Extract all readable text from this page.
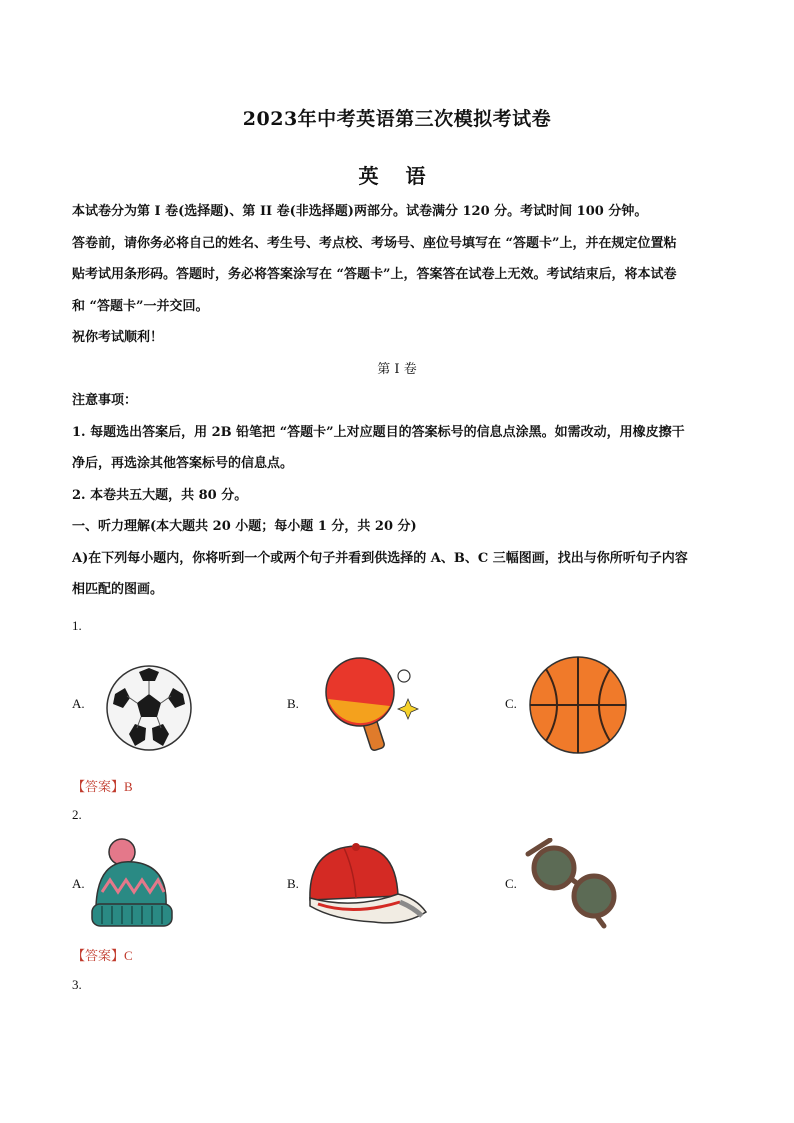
2023年中考英语第三次模拟考试卷
英 语
本试卷分为第 I 卷(选择题)、第 II 卷(非选择题)两部分。试卷满分 120 分。考试时间 100 分钟。
答卷前，请你务必将自己的姓名、考生号、考点校、考场号、座位号填写在 “答题卡”上，并在规定位置粘
贴考试用条形码。答题时，务必将答案涂写在 “答题卡”上，答案答在试卷上无效。考试结束后，将本试卷
和 “答题卡”一并交回。
祝你考试顺利！
第 I 卷
注意事项：
1. 每题选出答案后，用 2B 铅笔把 “答题卡”上对应题目的答案标号的信息点涂黑。如需改动，用橡皮擦干
净后，再选涂其他答案标号的信息点。
2. 本卷共五大题，共 80 分。
一、听力理解(本大题共 20 小题；每小题 1 分，共 20 分)
A)在下列每小题内，你将听到一个或两个句子并看到供选择的 A、B、C 三幅图画，找出与你所听句子内容
相匹配的图画。
1.
A.	B.	C.
【答案】B
2.
A.	B.	C.
【答案】C
3.
